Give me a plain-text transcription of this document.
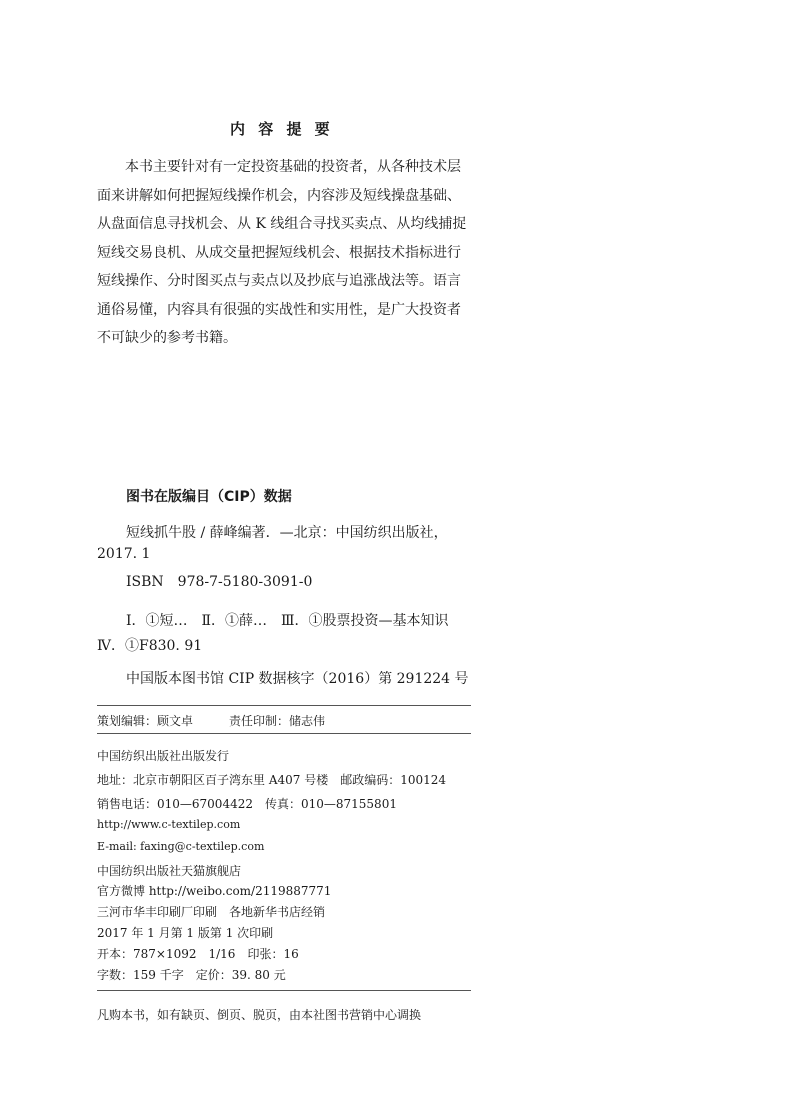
内 容 提 要

　　本书主要针对有一定投资基础的投资者，从各种技术层

面来讲解如何把握短线操作机会，内容涉及短线操盘基础、

从盘面信息寻找机会、从 K 线组合寻找买卖点、从均线捕捉

短线交易良机、从成交量把握短线机会、根据技术指标进行

短线操作、分时图买点与卖点以及抄底与追涨战法等。语言

通俗易懂，内容具有很强的实战性和实用性，是广大投资者

不可缺少的参考书籍。

图书在版编目（CIP）数据
短线抓牛股 / 薛峰编著．—北京：中国纺织出版社，
2017. 1
ISBN　978-7-5180-3091-0
Ⅰ．①短…　Ⅱ．①薛…　Ⅲ．①股票投资—基本知识
Ⅳ．①F830. 91
中国版本图书馆 CIP 数据核字（2016）第 291224 号
策划编辑：顾文卓　　　责任印制：储志伟
中国纺织出版社出版发行
地址：北京市朝阳区百子湾东里 A407 号楼　邮政编码：100124
销售电话：010—67004422　传真：010—87155801
http://www.c-textilep.com
E-mail: faxing@c-textilep.com
中国纺织出版社天猫旗舰店
官方微博 http://weibo.com/2119887771
三河市华丰印刷厂印刷　各地新华书店经销
2017 年 1 月第 1 版第 1 次印刷
开本：787×1092　1/16　印张：16
字数：159 千字　定价：39. 80 元
凡购本书，如有缺页、倒页、脱页，由本社图书营销中心调换
